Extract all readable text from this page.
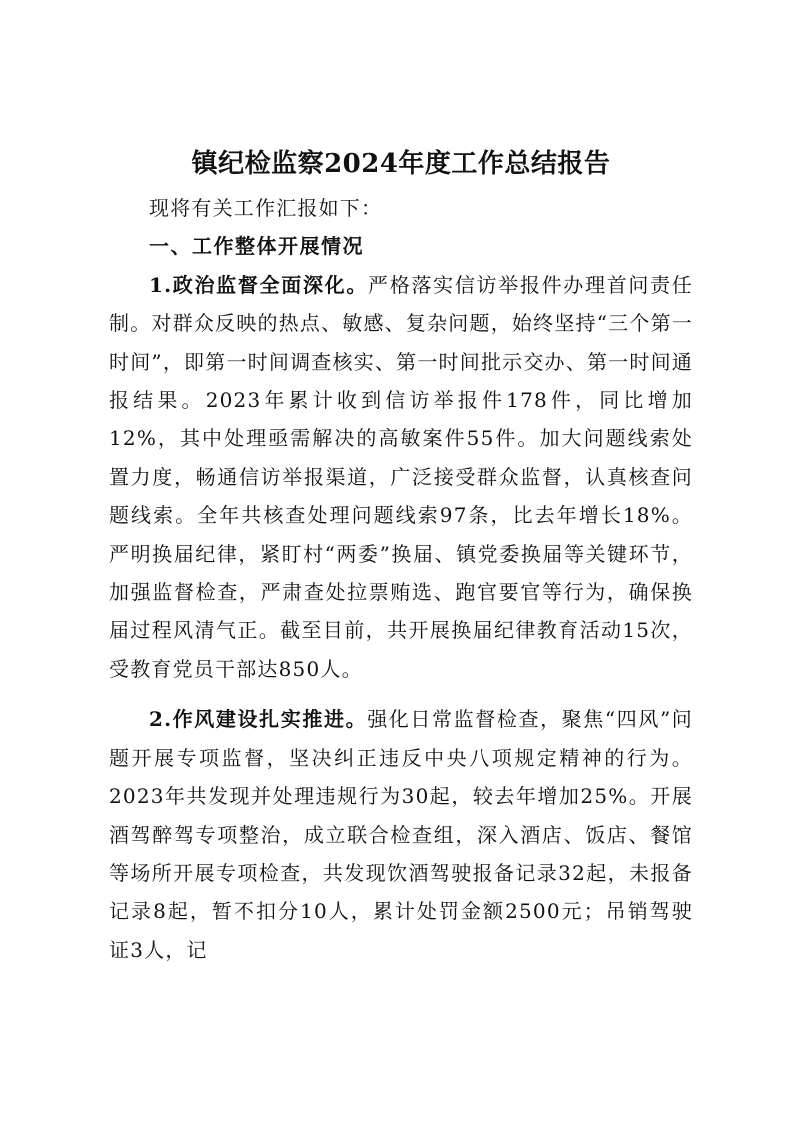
镇纪检监察2024年度工作总结报告

现将有关工作汇报如下：

一、工作整体开展情况

1.政治监督全面深化。严格落实信访举报件办理首问责任制。对群众反映的热点、敏感、复杂问题，始终坚持“三个第一时间”，即第一时间调查核实、第一时间批示交办、第一时间通报结果。2023年累计收到信访举报件178件，同比增加12%，其中处理亟需解决的高敏案件55件。加大问题线索处置力度，畅通信访举报渠道，广泛接受群众监督，认真核查问题线索。全年共核查处理问题线索97条，比去年增长18%。严明换届纪律，紧盯村“两委”换届、镇党委换届等关键环节，加强监督检查，严肃查处拉票贿选、跑官要官等行为，确保换届过程风清气正。截至目前，共开展换届纪律教育活动15次，受教育党员干部达850人。

2.作风建设扎实推进。强化日常监督检查，聚焦“四风”问题开展专项监督，坚决纠正违反中央八项规定精神的行为。2023年共发现并处理违规行为30起，较去年增加25%。开展酒驾醉驾专项整治，成立联合检查组，深入酒店、饭店、餐馆等场所开展专项检查，共发现饮酒驾驶报备记录32起，未报备记录8起，暂不扣分10人，累计处罚金额2500元；吊销驾驶证3人，记
